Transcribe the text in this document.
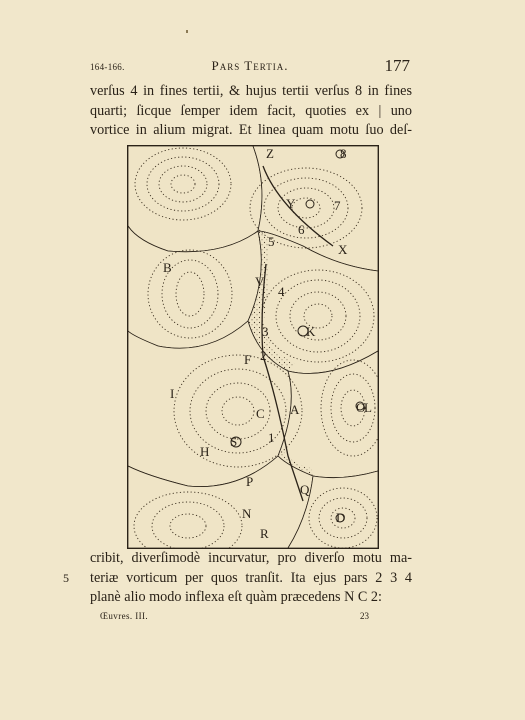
164-166.	Pars Tertia.	177
verſus 4 in fines tertii, & hujus tertii verſus 8 in fines
quarti; ſicque ſemper idem facit, quoties ex | uno
vortice in alium migrat. Et linea quam motu ſuo deſ-
Y
B
V
F
A
H
N
X
C
P
D
S 1
2
3
4
5
6
7
8
L
O
Z
Q
I
K
R
cribit, diverſimodè incurvatur, pro diverſo motu ma-
5 teriæ vorticum per quos tranſit. Ita ejus pars 2 3 4
planè alio modo inflexa eſt quàm præcedens N C 2:
Œuvres. III.	23
